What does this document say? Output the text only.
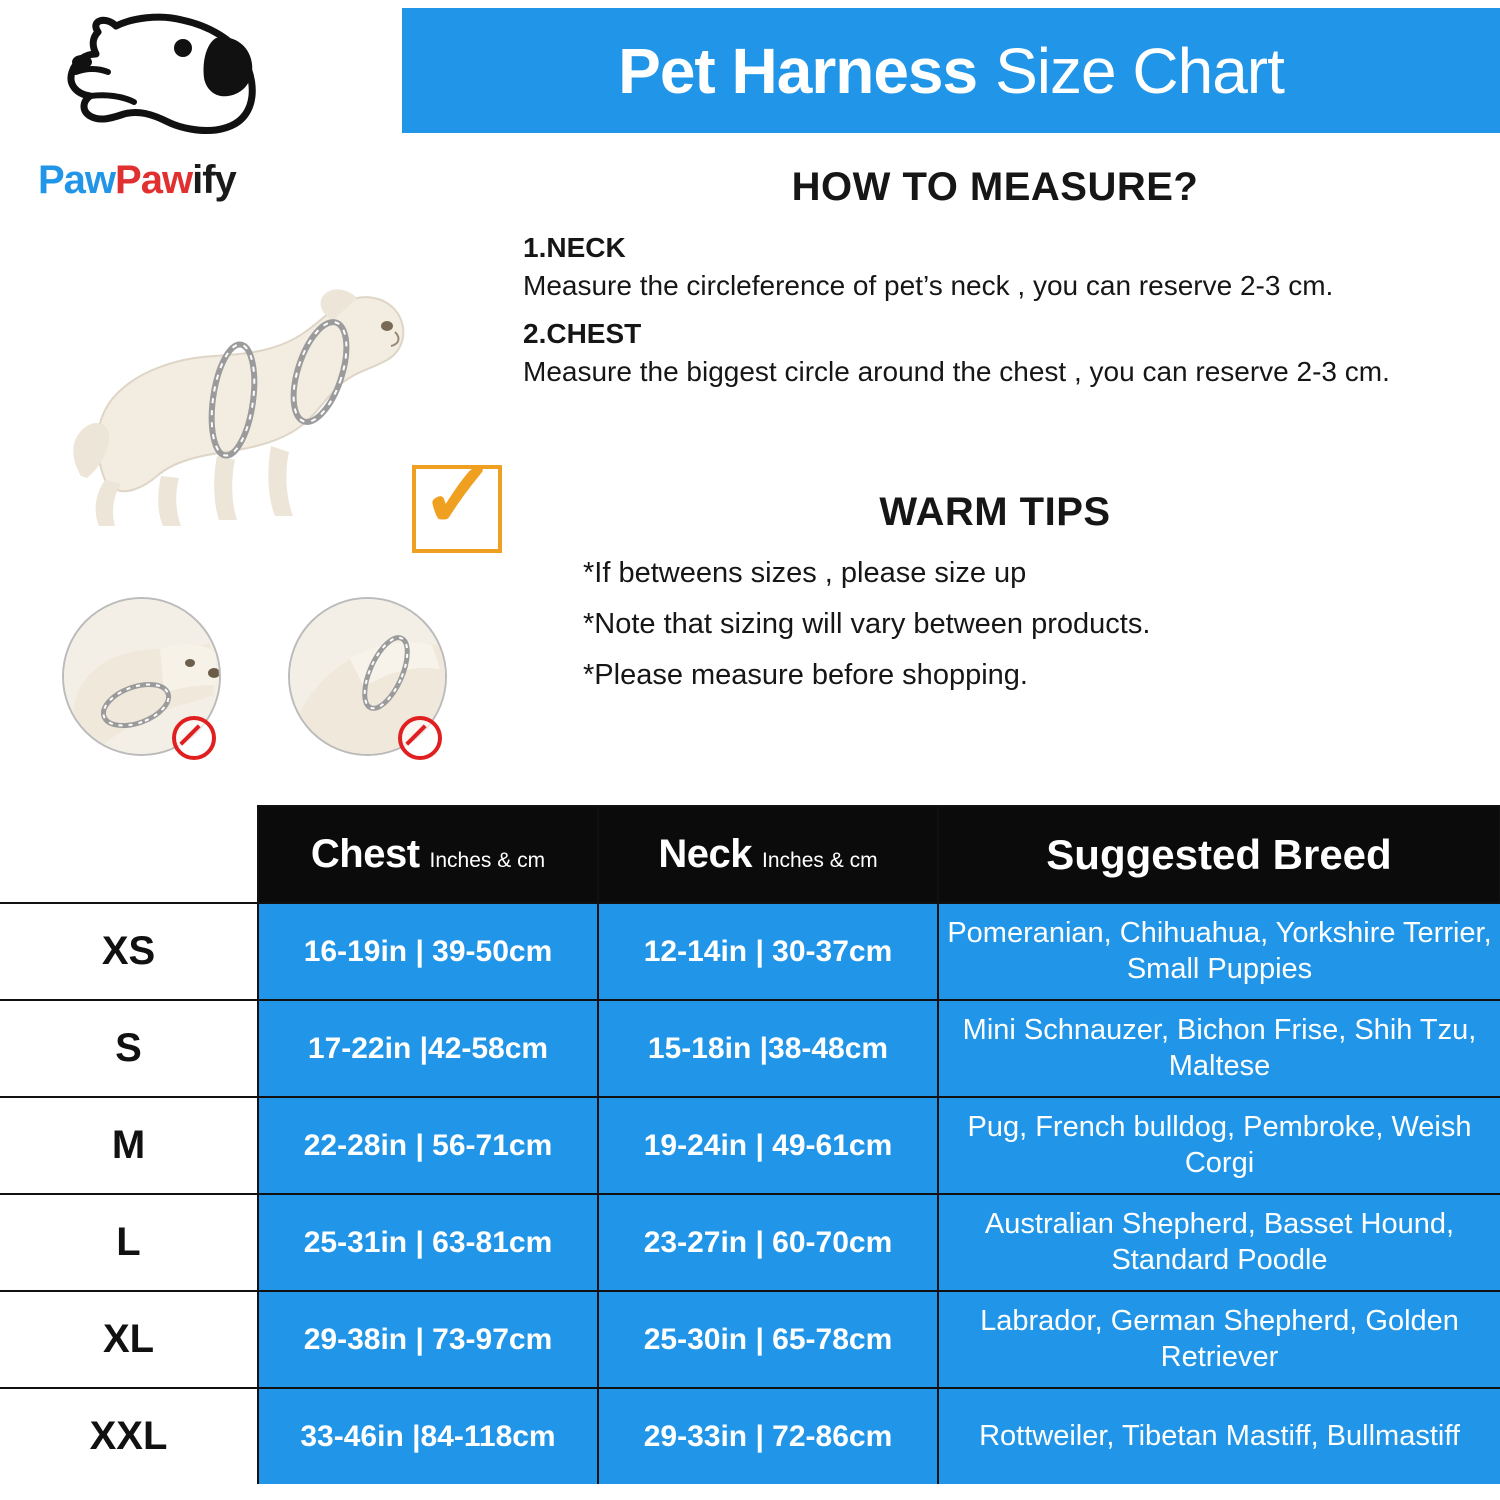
Pet Harness Size Chart
PawPawify
✓
HOW TO MEASURE?
1.NECK
Measure the circleference of pet’s neck , you can reserve 2-3 cm.
2.CHEST
Measure the biggest circle around the chest , you can reserve 2-3 cm.
WARM TIPS
*If betweens sizes , please size up
*Note that sizing will vary between products.
*Please measure before shopping.
	Chest Inches & cm	Neck Inches & cm	Suggested Breed
XS	16-19in | 39-50cm	12-14in | 30-37cm	Pomeranian, Chihuahua, Yorkshire Terrier, Small Puppies
S	17-22in |42-58cm	15-18in |38-48cm	Mini Schnauzer, Bichon Frise, Shih Tzu, Maltese
M	22-28in | 56-71cm	19-24in | 49-61cm	Pug, French bulldog, Pembroke, Weish Corgi
L	25-31in | 63-81cm	23-27in | 60-70cm	Australian Shepherd, Basset Hound, Standard Poodle
XL	29-38in | 73-97cm	25-30in | 65-78cm	Labrador, German Shepherd, Golden Retriever
XXL	33-46in |84-118cm	29-33in | 72-86cm	Rottweiler, Tibetan Mastiff, Bullmastiff
